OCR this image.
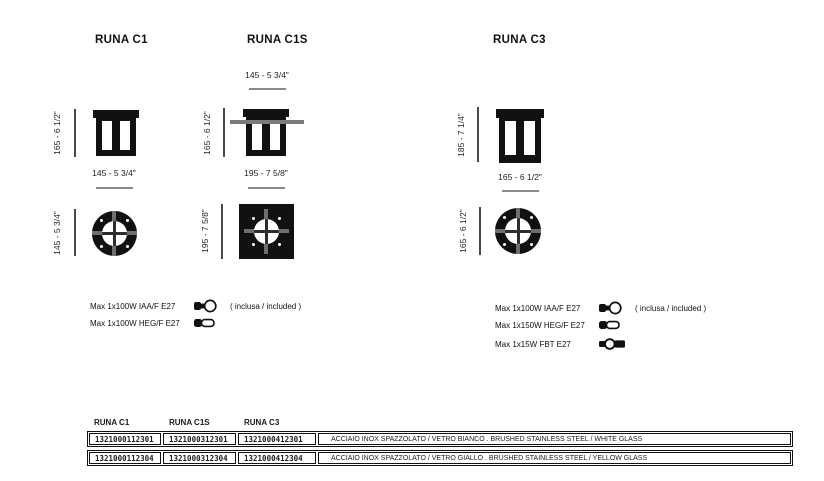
RUNA C1	RUNA C1S	RUNA C3
165 - 6 1/2"
145 - 5 3/4"
145 - 5 3/4"
145 - 5 3/4"
165 - 6 1/2"
195 - 7 5/8"
195 - 7 5/8"
185 - 7 1/4"
165 - 6 1/2"
165 - 6 1/2"
Max 1x100W IAA/F E27	( inclusa / included )
Max 1x100W HEG/F E27
Max 1x100W IAA/F E27	( inclusa / included )
Max 1x150W HEG/F E27
Max 1x15W FBT E27
RUNA C1	RUNA C1S	RUNA C3
1321000112301	1321000312301	1321000412301	ACCIAIO INOX SPAZZOLATO / VETRO BIANCO . BRUSHED STAINLESS STEEL / WHITE GLASS
1321000112304	1321000312304	1321000412304	ACCIAIO INOX SPAZZOLATO / VETRO GIALLO . BRUSHED STAINLESS STEEL / YELLOW GLASS
